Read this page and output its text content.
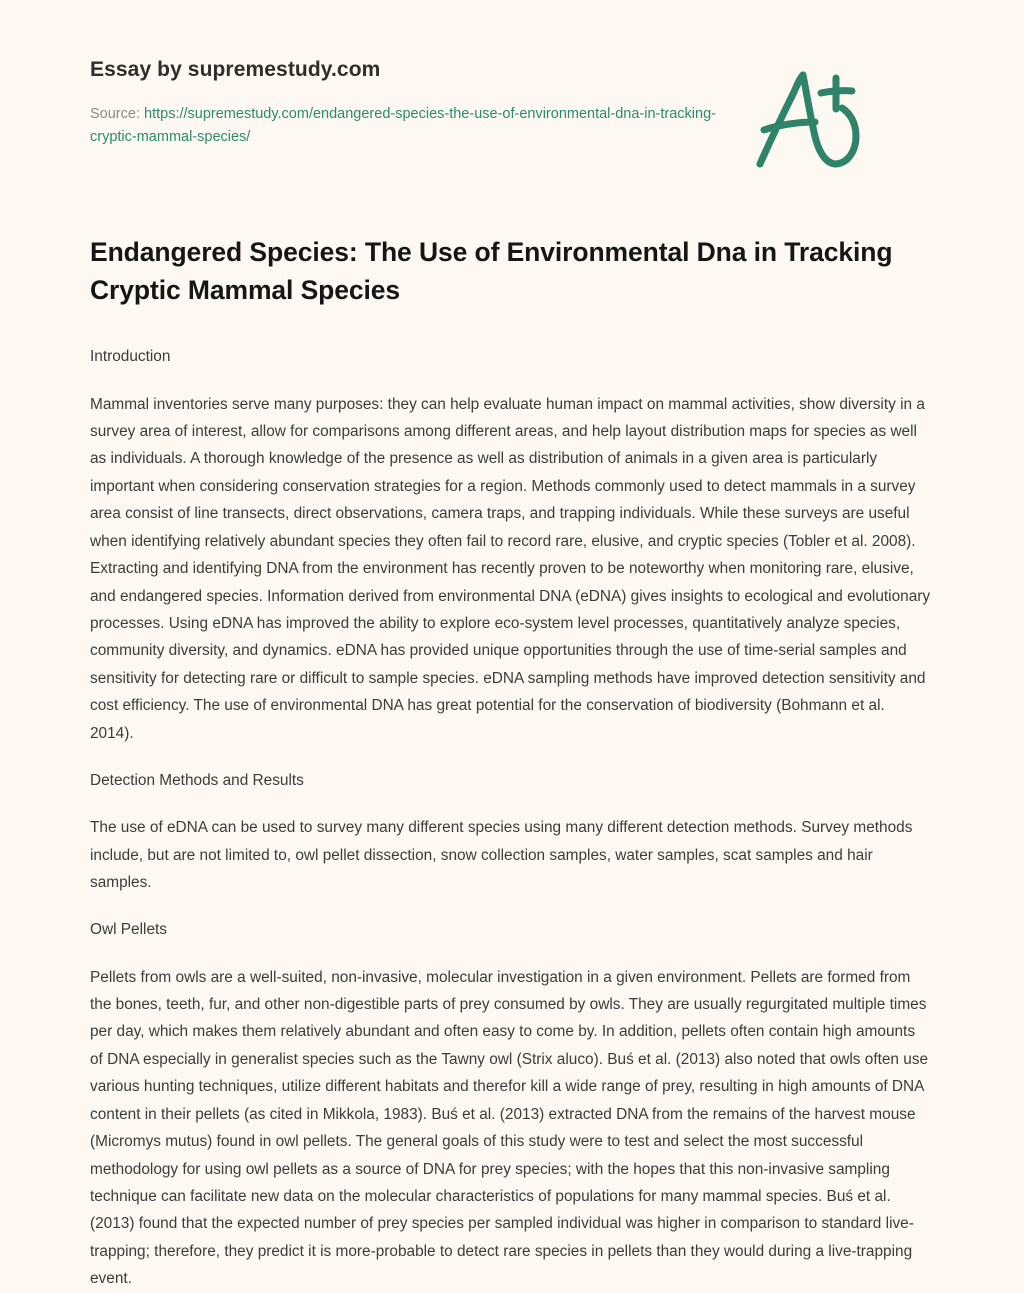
Essay by supremestudy.com
Source: https://supremestudy.com/endangered-species-the-use-of-environmental-dna-in-tracking-cryptic-mammal-species/
Endangered Species: The Use of Environmental Dna in Tracking Cryptic Mammal Species

Introduction

Mammal inventories serve many purposes: they can help evaluate human impact on mammal activities, show diversity in a survey area of interest, allow for comparisons among different areas, and help layout distribution maps for species as well as individuals. A thorough knowledge of the presence as well as distribution of animals in a given area is particularly important when considering conservation strategies for a region. Methods commonly used to detect mammals in a survey area consist of line transects, direct observations, camera traps, and trapping individuals. While these surveys are useful when identifying relatively abundant species they often fail to record rare, elusive, and cryptic species (Tobler et al. 2008). Extracting and identifying DNA from the environment has recently proven to be noteworthy when monitoring rare, elusive, and endangered species. Information derived from environmental DNA (eDNA) gives insights to ecological and evolutionary processes. Using eDNA has improved the ability to explore eco-system level processes, quantitatively analyze species, community diversity, and dynamics. eDNA has provided unique opportunities through the use of time-serial samples and sensitivity for detecting rare or difficult to sample species. eDNA sampling methods have improved detection sensitivity and cost efficiency. The use of environmental DNA has great potential for the conservation of biodiversity (Bohmann et al. 2014).

Detection Methods and Results

The use of eDNA can be used to survey many different species using many different detection methods. Survey methods include, but are not limited to, owl pellet dissection, snow collection samples, water samples, scat samples and hair samples.

Owl Pellets

Pellets from owls are a well-suited, non-invasive, molecular investigation in a given environment. Pellets are formed from the bones, teeth, fur, and other non-digestible parts of prey consumed by owls. They are usually regurgitated multiple times per day, which makes them relatively abundant and often easy to come by. In addition, pellets often contain high amounts of DNA especially in generalist species such as the Tawny owl (Strix aluco). Buś et al. (2013) also noted that owls often use various hunting techniques, utilize different habitats and therefor kill a wide range of prey, resulting in high amounts of DNA content in their pellets (as cited in Mikkola, 1983). Buś et al. (2013) extracted DNA from the remains of the harvest mouse (Micromys mutus) found in owl pellets. The general goals of this study were to test and select the most successful methodology for using owl pellets as a source of DNA for prey species; with the hopes that this non-invasive sampling technique can facilitate new data on the molecular characteristics of populations for many mammal species. Buś et al. (2013) found that the expected number of prey species per sampled individual was higher in comparison to standard live-trapping; therefore, they predict it is more-probable to detect rare species in pellets than they would during a live-trapping event.
